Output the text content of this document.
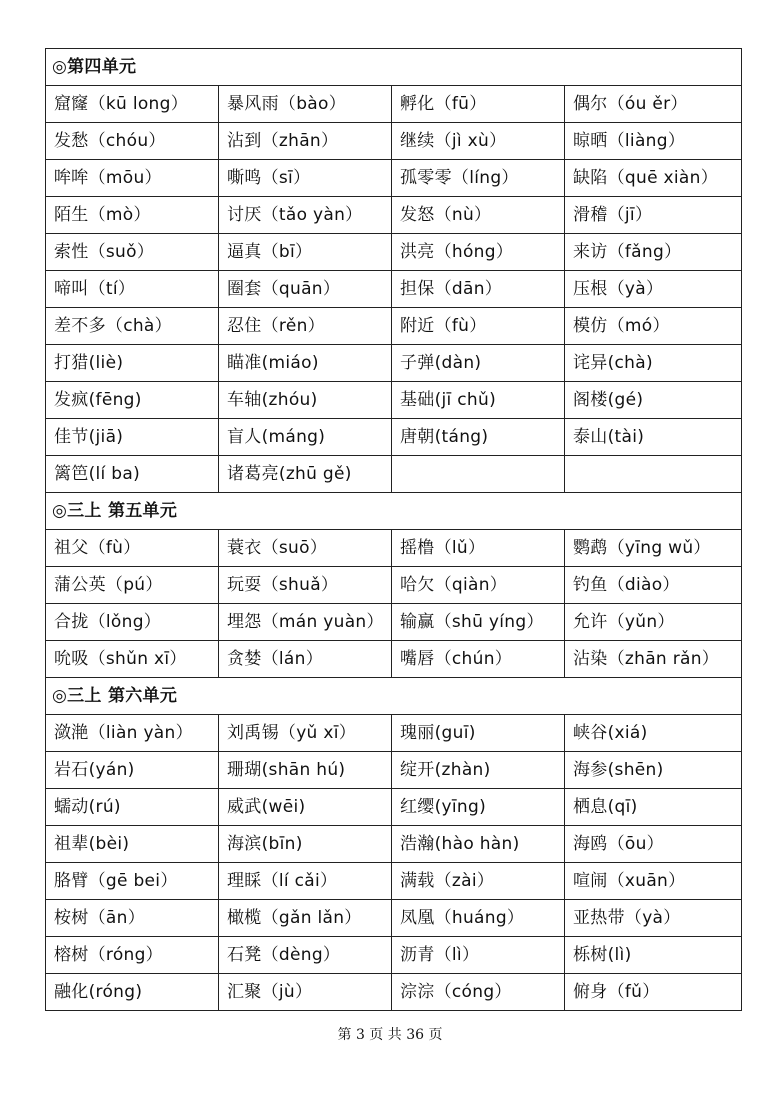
◎第四单元			
窟窿（kū long）	暴风雨（bào）	孵化（fū）	偶尔（óu ěr）
发愁（chóu）	沾到（zhān）	继续（jì xù）	晾晒（liàng）
哞哞（mōu）	嘶鸣（sī）	孤零零（líng）	缺陷（quē xiàn）
陌生（mò）	讨厌（tǎo yàn）	发怒（nù）	滑稽（jī）
索性（suǒ）	逼真（bī）	洪亮（hóng）	来访（fǎng）
啼叫（tí）	圈套（quān）	担保（dān）	压根（yà）
差不多（chà）	忍住（rěn）	附近（fù）	模仿（mó）
打猎(liè)	瞄准(miáo)	子弹(dàn)	诧异(chà)
发疯(fēng)	车轴(zhóu)	基础(jī chǔ)	阁楼(gé)
佳节(jiā)	盲人(máng)	唐朝(táng)	泰山(tài)
篱笆(lí ba)	诸葛亮(zhū gě)		
◎三上 第五单元			
祖父（fù）	蓑衣（suō）	摇橹（lǔ）	鹦鹉（yīng wǔ）
蒲公英（pú）	玩耍（shuǎ）	哈欠（qiàn）	钓鱼（diào）
合拢（lǒng）	埋怨（mán yuàn）	输赢（shū yíng）	允许（yǔn）
吮吸（shǔn xī）	贪婪（lán）	嘴唇（chún）	沾染（zhān rǎn）
◎三上 第六单元			
潋滟（liàn yàn）	刘禹锡（yǔ xī）	瑰丽(guī)	峡谷(xiá)
岩石(yán)	珊瑚(shān hú)	绽开(zhàn)	海参(shēn)
蠕动(rú)	威武(wēi)	红缨(yīng)	栖息(qī)
祖辈(bèi)	海滨(bīn)	浩瀚(hào hàn)	海鸥（ōu）
胳臂（gē bei）	理睬（lí cǎi）	满载（zài）	喧闹（xuān）
桉树（ān）	橄榄（gǎn lǎn）	凤凰（huáng）	亚热带（yà）
榕树（róng）	石凳（dèng）	沥青（lì）	栎树(lì)
融化(róng)	汇聚（jù）	淙淙（cóng）	俯身（fǔ）
第 3 页 共 36 页
